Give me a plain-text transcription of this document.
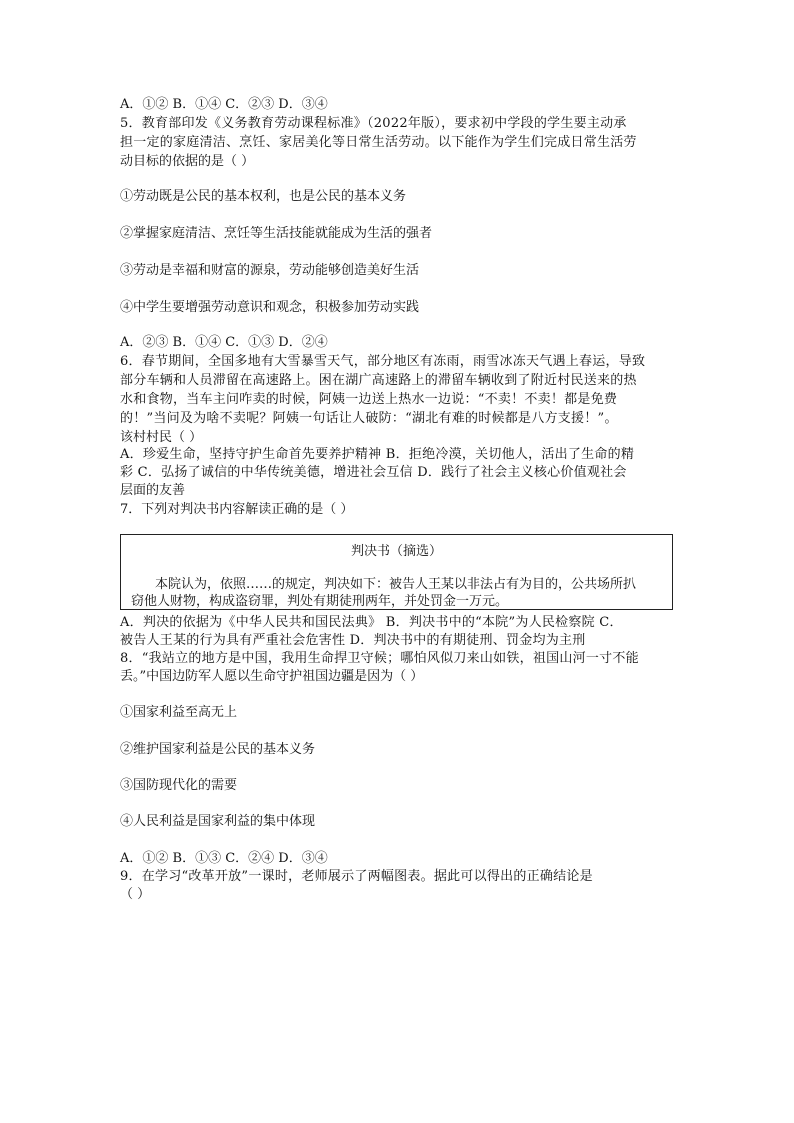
A．①② B．①④ C．②③ D．③④
5．教育部印发《义务教育劳动课程标准》（2022年版），要求初中学段的学生要主动承
担一定的家庭清洁、烹饪、家居美化等日常生活劳动。以下能作为学生们完成日常生活劳
动目标的依据的是（ ）
①劳动既是公民的基本权利，也是公民的基本义务
②掌握家庭清洁、烹饪等生活技能就能成为生活的强者
③劳动是幸福和财富的源泉，劳动能够创造美好生活
④中学生要增强劳动意识和观念，积极参加劳动实践
A．②③ B．①④ C．①③ D．②④
6．春节期间，全国多地有大雪暴雪天气，部分地区有冻雨，雨雪冰冻天气遇上春运，导致
部分车辆和人员滞留在高速路上。困在湖广高速路上的滞留车辆收到了附近村民送来的热
水和食物，当车主问咋卖的时候，阿姨一边送上热水一边说：“不卖！不卖！都是免费
的！”当问及为啥不卖呢？阿姨一句话让人破防：“湖北有难的时候都是八方支援！”。
该村村民（ ）
A．珍爱生命，坚持守护生命首先要养护精神 B．拒绝冷漠，关切他人，活出了生命的精
彩 C．弘扬了诚信的中华传统美德，增进社会互信 D．践行了社会主义核心价值观社会
层面的友善
7．下列对判决书内容解读正确的是（ ）
判决书（摘选）
本院认为，依照……的规定，判决如下：被告人王某以非法占有为目的，公共场所扒
窃他人财物，构成盗窃罪，判处有期徒刑两年，并处罚金一万元。
A．判决的依据为《中华人民共和国民法典》 B．判决书中的“本院”为人民检察院 C．
被告人王某的行为具有严重社会危害性 D．判决书中的有期徒刑、罚金均为主刑
8．“我站立的地方是中国，我用生命捍卫守候；哪怕风似刀来山如铁，祖国山河一寸不能
丢。”中国边防军人愿以生命守护祖国边疆是因为（ ）
①国家利益至高无上
②维护国家利益是公民的基本义务
③国防现代化的需要
④人民利益是国家利益的集中体现
A．①② B．①③ C．②④ D．③④
9．在学习“改革开放”一课时，老师展示了两幅图表。据此可以得出的正确结论是
（ ）
